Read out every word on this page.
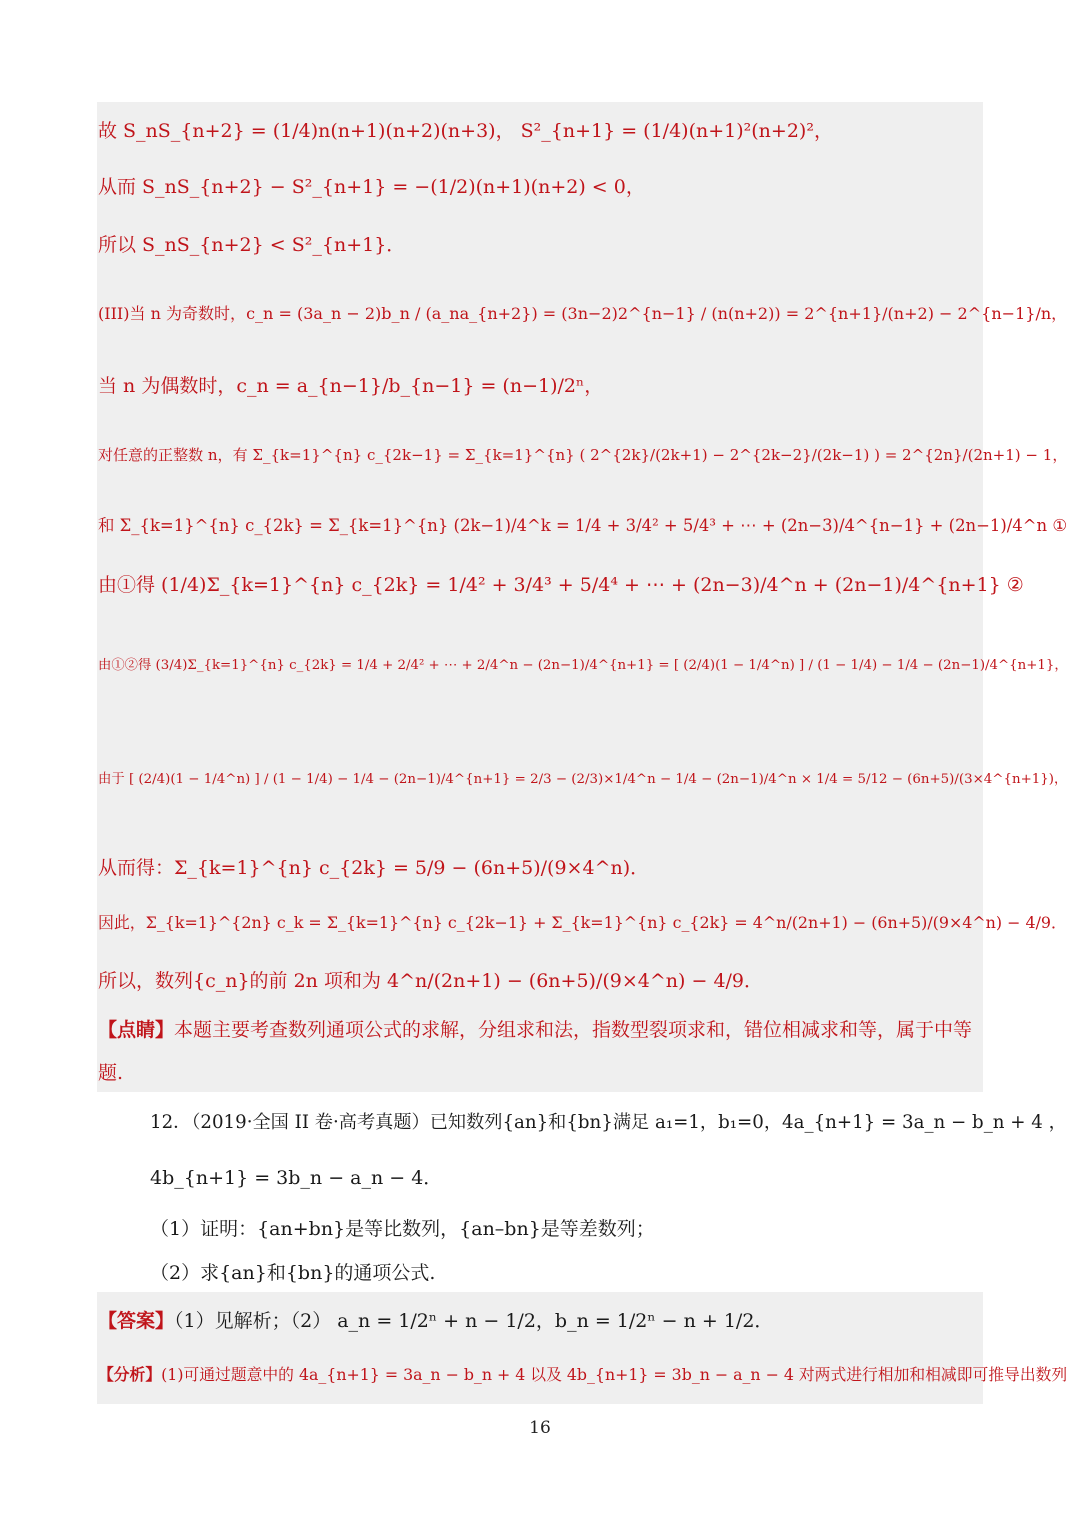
故 S_nS_{n+2} = (1/4)n(n+1)(n+2)(n+3)， S²_{n+1} = (1/4)(n+1)²(n+2)²，
从而 S_nS_{n+2} − S²_{n+1} = −(1/2)(n+1)(n+2) < 0，
所以 S_nS_{n+2} < S²_{n+1}．
(III)当 n 为奇数时，c_n = (3a_n − 2)b_n / (a_na_{n+2}) = (3n−2)2^{n−1} / (n(n+2)) = 2^{n+1}/(n+2) − 2^{n−1}/n，
当 n 为偶数时，c_n = a_{n−1}/b_{n−1} = (n−1)/2ⁿ，
对任意的正整数 n，有 Σ_{k=1}^{n} c_{2k−1} = Σ_{k=1}^{n} ( 2^{2k}/(2k+1) − 2^{2k−2}/(2k−1) ) = 2^{2n}/(2n+1) − 1，
和 Σ_{k=1}^{n} c_{2k} = Σ_{k=1}^{n} (2k−1)/4^k = 1/4 + 3/4² + 5/4³ + ⋯ + (2n−3)/4^{n−1} + (2n−1)/4^n ①
由①得 (1/4)Σ_{k=1}^{n} c_{2k} = 1/4² + 3/4³ + 5/4⁴ + ⋯ + (2n−3)/4^n + (2n−1)/4^{n+1} ②
由①②得 (3/4)Σ_{k=1}^{n} c_{2k} = 1/4 + 2/4² + ⋯ + 2/4^n − (2n−1)/4^{n+1} = [ (2/4)(1 − 1/4^n) ] / (1 − 1/4) − 1/4 − (2n−1)/4^{n+1}，
由于 [ (2/4)(1 − 1/4^n) ] / (1 − 1/4) − 1/4 − (2n−1)/4^{n+1} = 2/3 − (2/3)×1/4^n − 1/4 − (2n−1)/4^n × 1/4 = 5/12 − (6n+5)/(3×4^{n+1})，
从而得：Σ_{k=1}^{n} c_{2k} = 5/9 − (6n+5)/(9×4^n)．
因此，Σ_{k=1}^{2n} c_k = Σ_{k=1}^{n} c_{2k−1} + Σ_{k=1}^{n} c_{2k} = 4^n/(2n+1) − (6n+5)/(9×4^n) − 4/9．
所以，数列{c_n}的前 2n 项和为 4^n/(2n+1) − (6n+5)/(9×4^n) − 4/9．
【点睛】本题主要考查数列通项公式的求解，分组求和法，指数型裂项求和，错位相减求和等，属于中等
题.
12．（2019·全国 II 卷·高考真题）已知数列{an}和{bn}满足 a₁=1，b₁=0，4a_{n+1} = 3a_n − b_n + 4 ，
4b_{n+1} = 3b_n − a_n − 4．
（1）证明：{an+bn}是等比数列，{an–bn}是等差数列；
（2）求{an}和{bn}的通项公式.
【答案】（1）见解析；（2） a_n = 1/2ⁿ + n − 1/2，b_n = 1/2ⁿ − n + 1/2．
【分析】(1)可通过题意中的 4a_{n+1} = 3a_n − b_n + 4 以及 4b_{n+1} = 3b_n − a_n − 4 对两式进行相加和相减即可推导出数列
16
